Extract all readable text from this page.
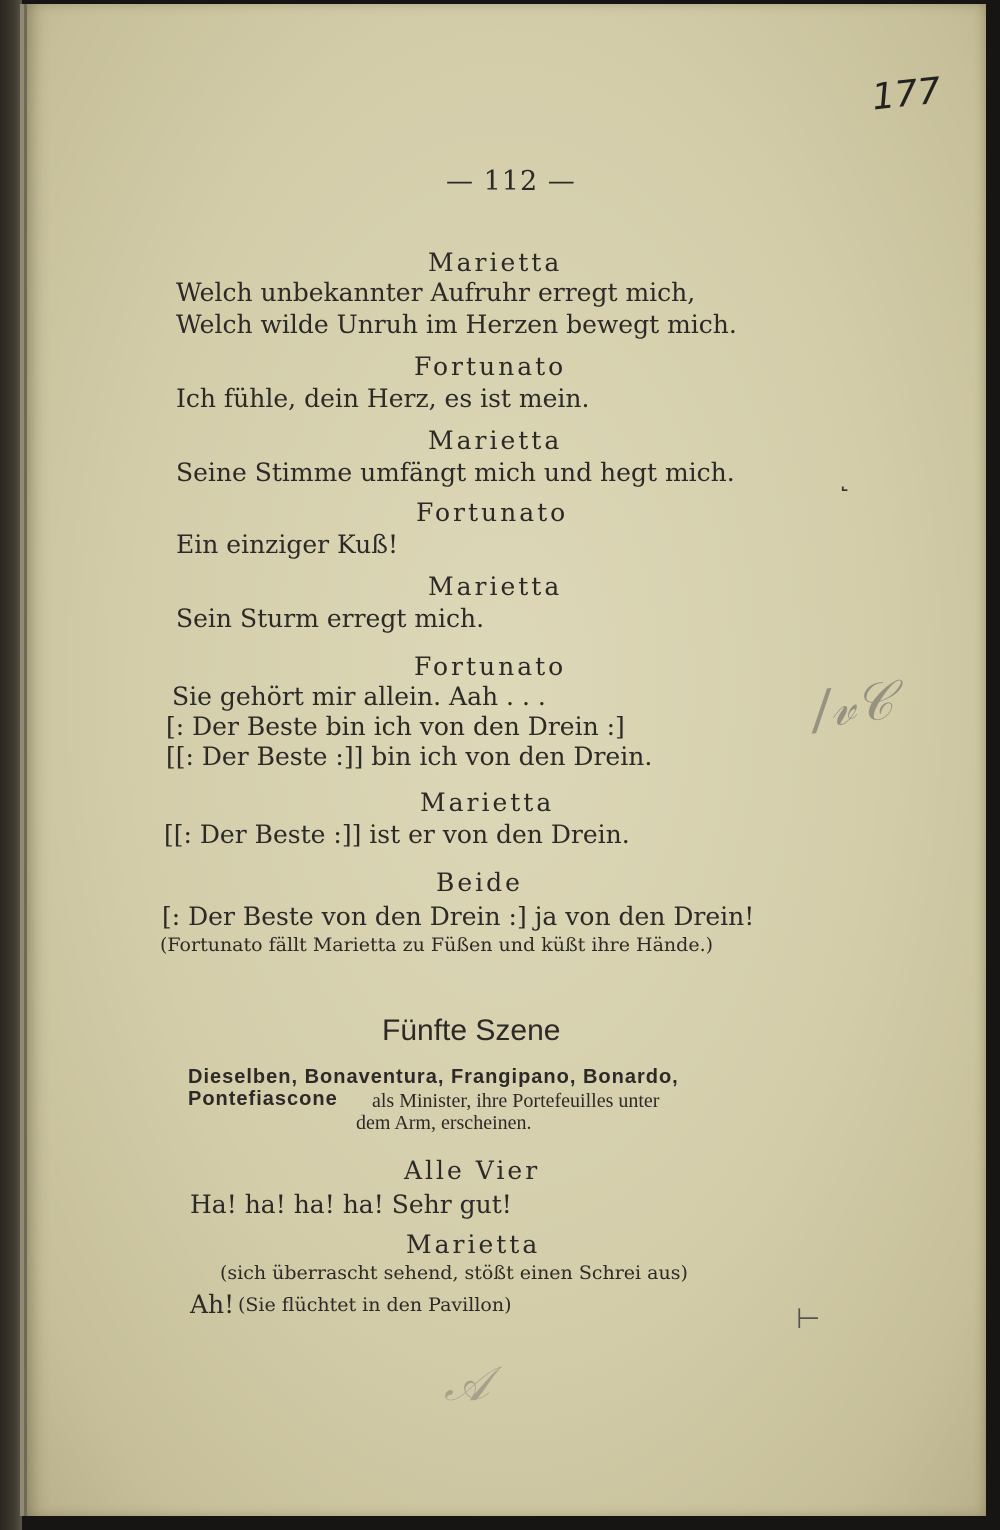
177
— 112 —
Marietta
Welch unbekannter Aufruhr erregt mich,
Welch wilde Unruh im Herzen bewegt mich.
Fortunato
Ich fühle, dein Herz, es ist mein.
Marietta
Seine Stimme umfängt mich und hegt mich.
Fortunato
Ein einziger Kuß!
Marietta
Sein Sturm erregt mich.
Fortunato
Sie gehört mir allein. Aah . . .
[: Der Beste bin ich von den Drein :]
[[: Der Beste :]] bin ich von den Drein.
Marietta
[[: Der Beste :]] ist er von den Drein.
Beide
[: Der Beste von den Drein :] ja von den Drein!
(Fortunato fällt Marietta zu Füßen und küßt ihre Hände.)
Fünfte Szene
Dieselben, Bonaventura, Frangipano, Bonardo,
Pontefiascone als Minister, ihre Portefeuilles unter
dem Arm, erscheinen.
Alle Vier
Ha! ha! ha! ha! Sehr gut!
Marietta
(sich überrascht sehend, stößt einen Schrei aus)
Ah! (Sie flüchtet in den Pavillon)
˻
/𝓋𝒞
⊢
𝒜
